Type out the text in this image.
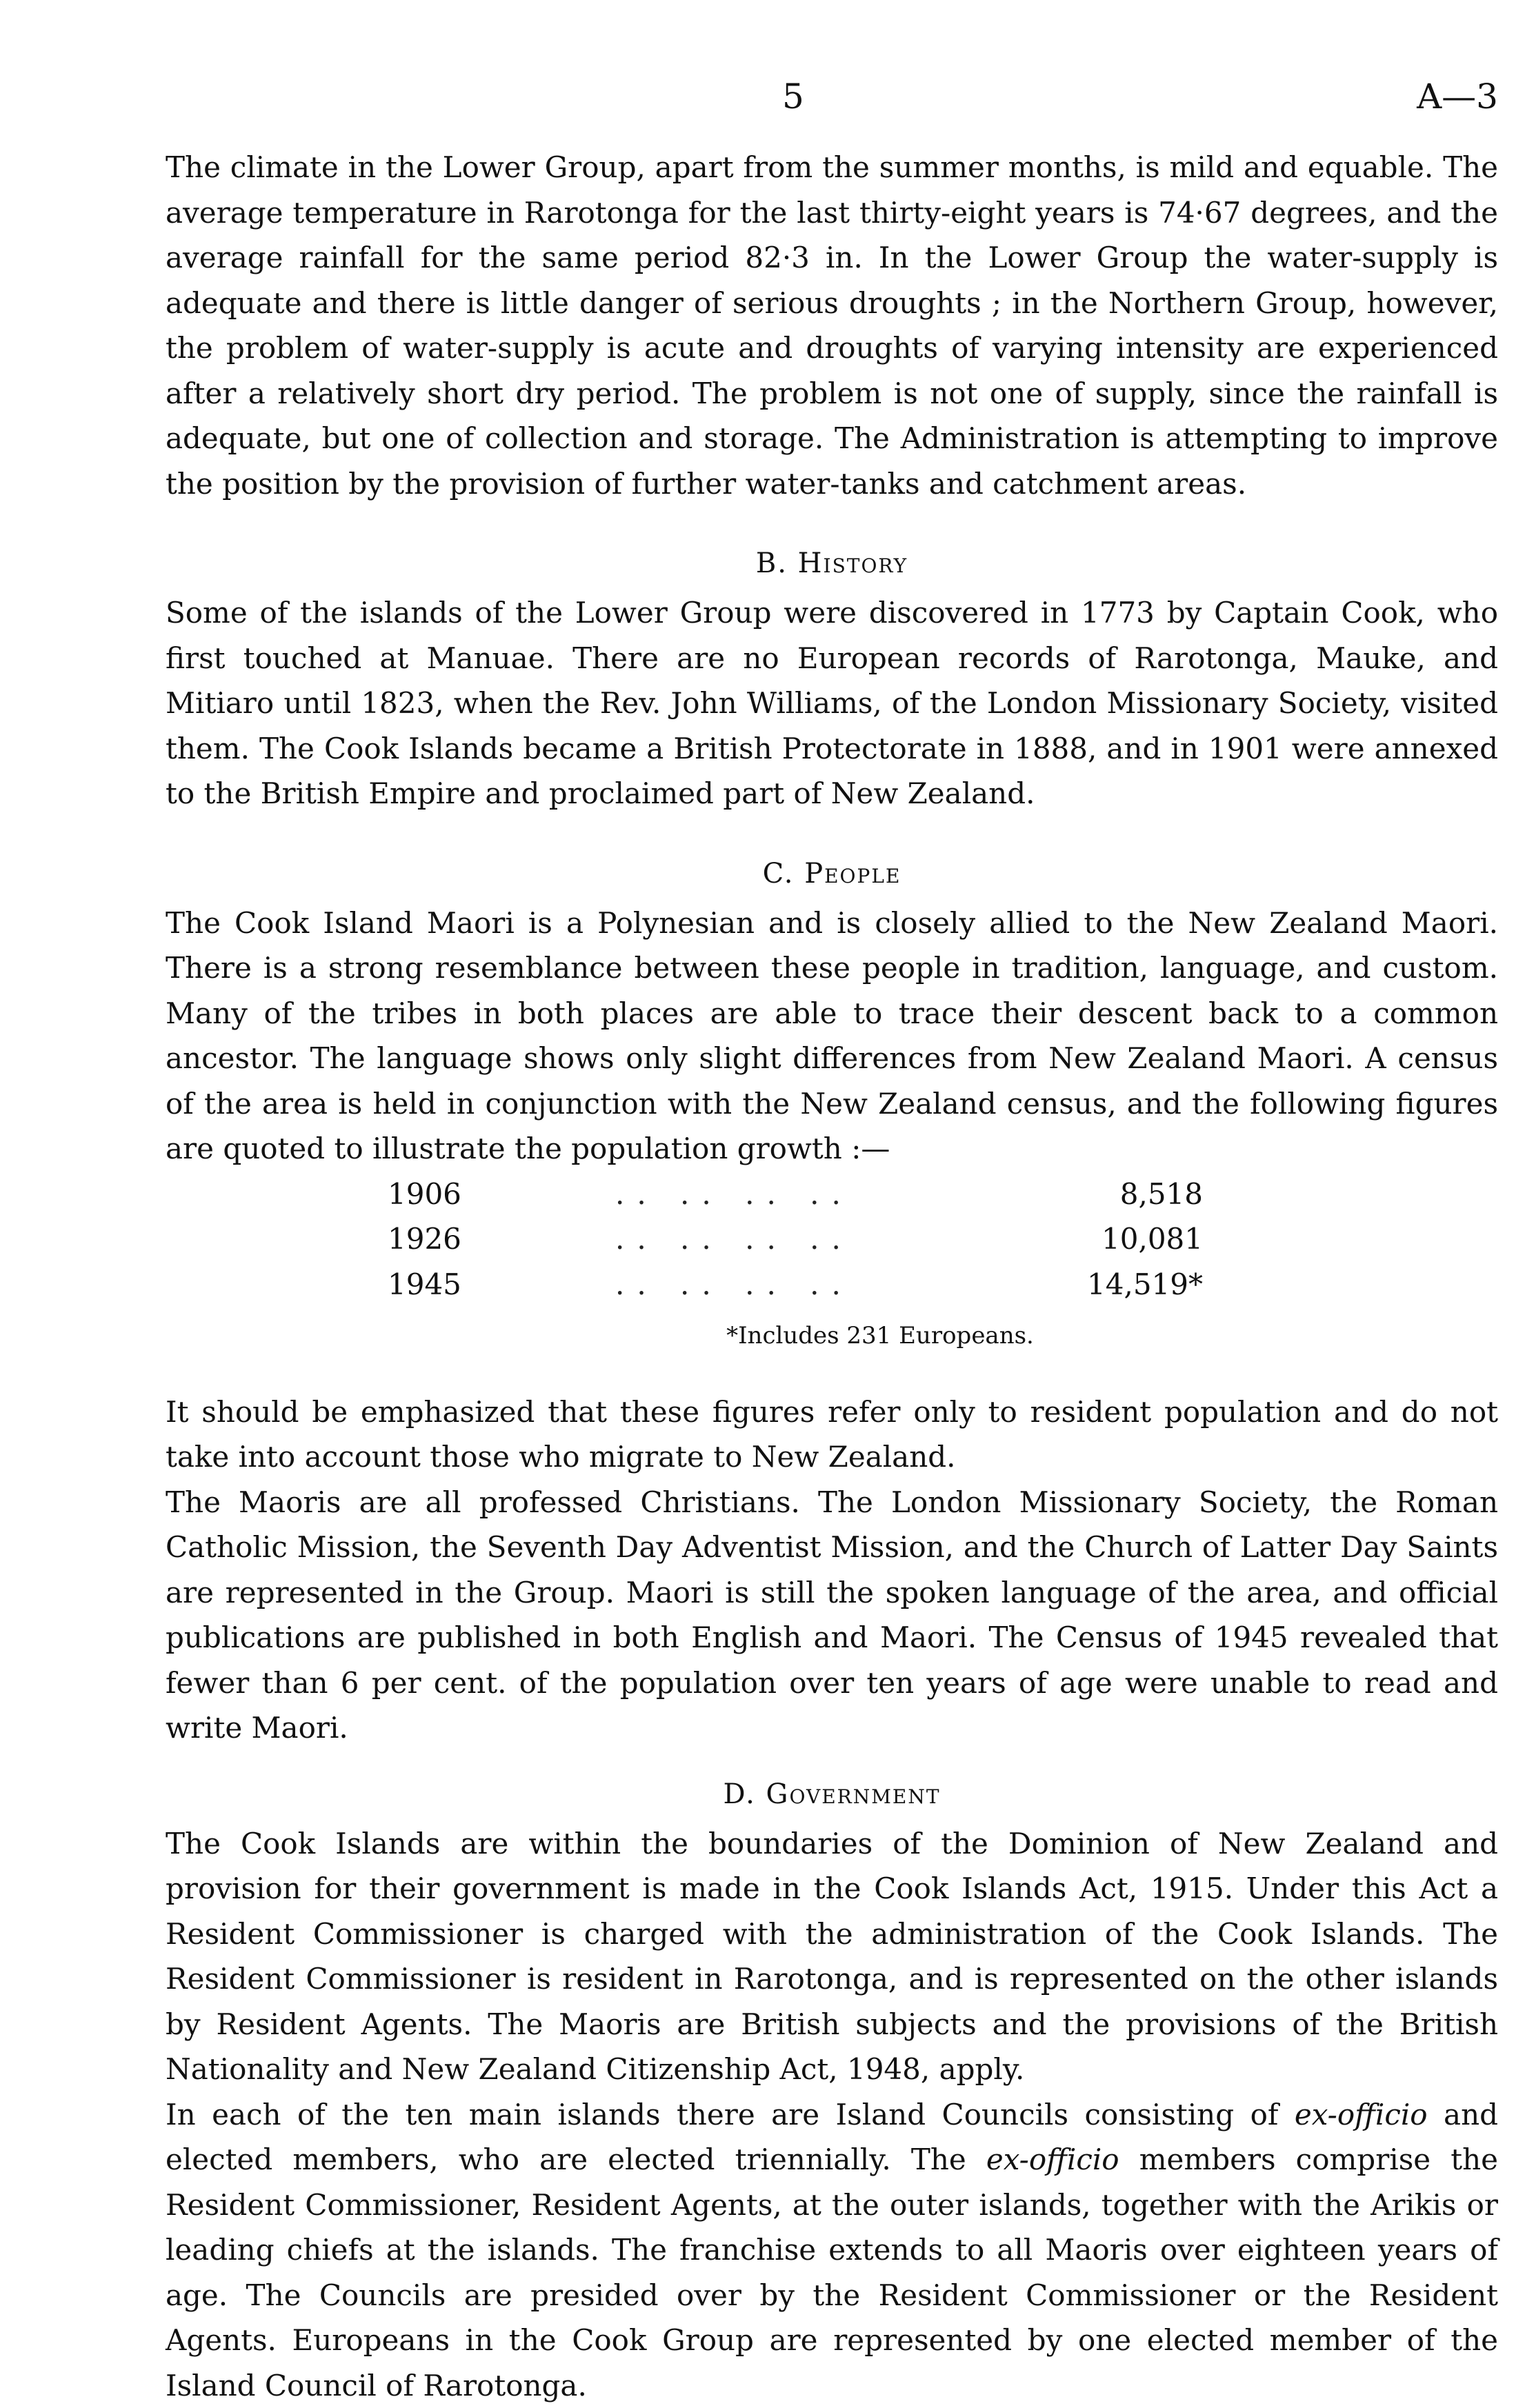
5	A—3

The climate in the Lower Group, apart from the summer months, is mild and equable. The average temperature in Rarotonga for the last thirty-eight years is 74·67 degrees, and the average rainfall for the same period 82·3 in. In the Lower Group the water-supply is adequate and there is little danger of serious droughts ; in the Northern Group, however, the problem of water-supply is acute and droughts of varying intensity are experienced after a relatively short dry period. The problem is not one of supply, since the rainfall is adequate, but one of collection and storage. The Administration is attempting to improve the position by the provision of further water-tanks and catchment areas.

B. History

Some of the islands of the Lower Group were discovered in 1773 by Captain Cook, who first touched at Manuae. There are no European records of Rarotonga, Mauke, and Mitiaro until 1823, when the Rev. John Williams, of the London Missionary Society, visited them. The Cook Islands became a British Protectorate in 1888, and in 1901 were annexed to the British Empire and proclaimed part of New Zealand.

C. People

The Cook Island Maori is a Polynesian and is closely allied to the New Zealand Maori. There is a strong resemblance between these people in tradition, language, and custom. Many of the tribes in both places are able to trace their descent back to a common ancestor. The language shows only slight differences from New Zealand Maori. A census of the area is held in conjunction with the New Zealand census, and the following figures are quoted to illustrate the population growth :—

1906	.. .. .. ..	8,518
1926	.. .. .. ..	10,081
1945	.. .. .. ..	14,519*
*Includes 231 Europeans.

It should be emphasized that these figures refer only to resident population and do not take into account those who migrate to New Zealand.

The Maoris are all professed Christians. The London Missionary Society, the Roman Catholic Mission, the Seventh Day Adventist Mission, and the Church of Latter Day Saints are represented in the Group. Maori is still the spoken language of the area, and official publications are published in both English and Maori. The Census of 1945 revealed that fewer than 6 per cent. of the population over ten years of age were unable to read and write Maori.

D. Government

The Cook Islands are within the boundaries of the Dominion of New Zealand and provision for their government is made in the Cook Islands Act, 1915. Under this Act a Resident Commissioner is charged with the administration of the Cook Islands. The Resident Commissioner is resident in Rarotonga, and is represented on the other islands by Resident Agents. The Maoris are British subjects and the provisions of the British Nationality and New Zealand Citizenship Act, 1948, apply.

In each of the ten main islands there are Island Councils consisting of ex-officio and elected members, who are elected triennially. The ex-officio members comprise the Resident Commissioner, Resident Agents, at the outer islands, together with the Arikis or leading chiefs at the islands. The franchise extends to all Maoris over eighteen years of age. The Councils are presided over by the Resident Commissioner or the Resident Agents. Europeans in the Cook Group are represented by one elected member of the Island Council of Rarotonga.
